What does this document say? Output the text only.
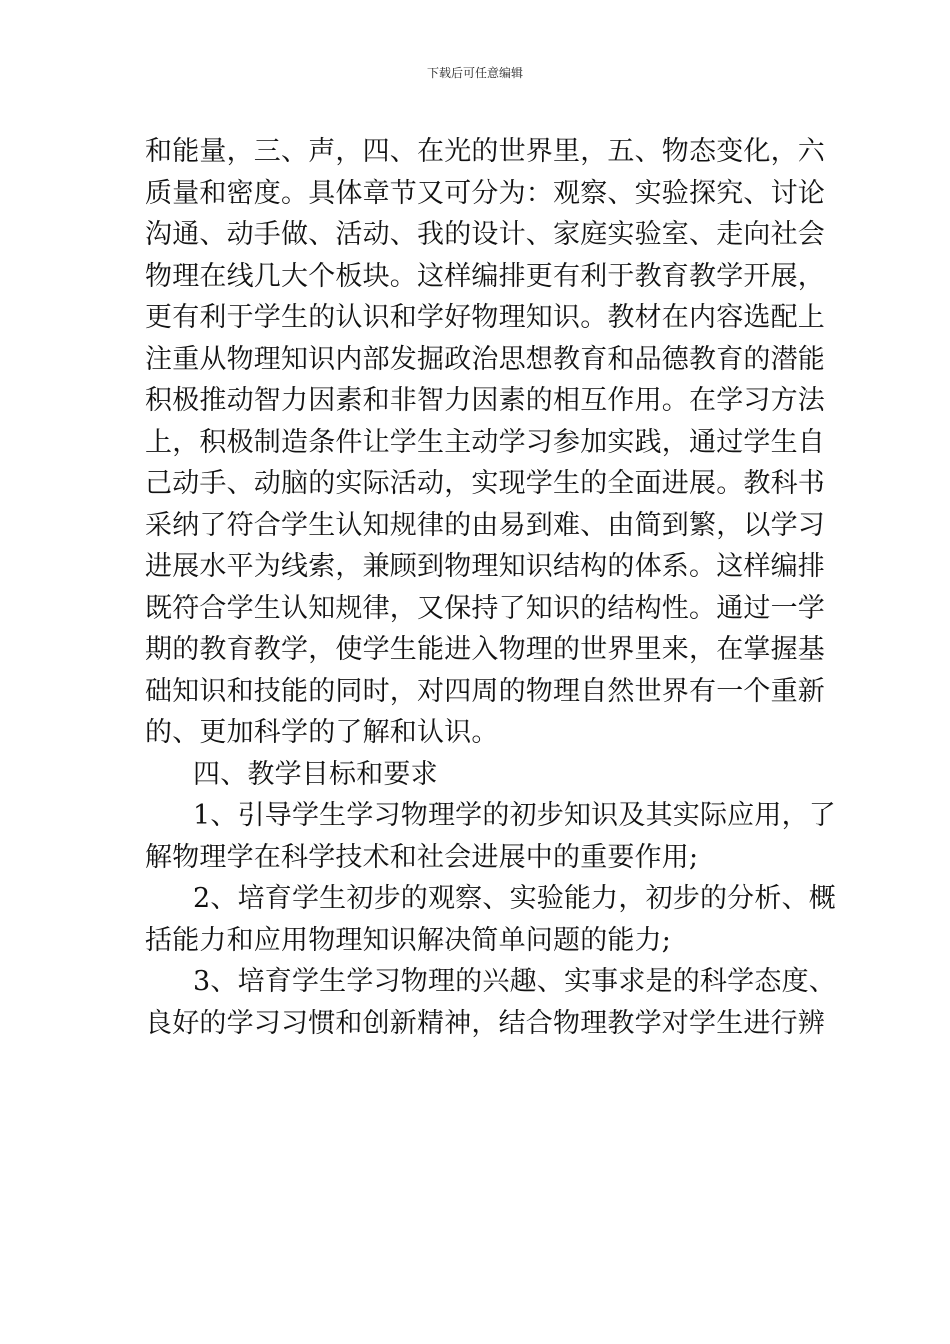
下载后可任意编辑
和能量，三、声，四、在光的世界里，五、物态变化，六
质量和密度。具体章节又可分为：观察、实验探究、讨论
沟通、动手做、活动、我的设计、家庭实验室、走向社会
物理在线几大个板块。这样编排更有利于教育教学开展，
更有利于学生的认识和学好物理知识。教材在内容选配上
注重从物理知识内部发掘政治思想教育和品德教育的潜能
积极推动智力因素和非智力因素的相互作用。在学习方法
上，积极制造条件让学生主动学习参加实践，通过学生自
己动手、动脑的实际活动，实现学生的全面进展。教科书
采纳了符合学生认知规律的由易到难、由简到繁，以学习
进展水平为线索，兼顾到物理知识结构的体系。这样编排
既符合学生认知规律，又保持了知识的结构性。通过一学
期的教育教学，使学生能进入物理的世界里来，在掌握基
础知识和技能的同时，对四周的物理自然世界有一个重新
的、更加科学的了解和认识。
四、教学目标和要求
1、引导学生学习物理学的初步知识及其实际应用，了
解物理学在科学技术和社会进展中的重要作用;
2、培育学生初步的观察、实验能力，初步的分析、概
括能力和应用物理知识解决简单问题的能力;
3、培育学生学习物理的兴趣、实事求是的科学态度、
良好的学习习惯和创新精神，结合物理教学对学生进行辨
